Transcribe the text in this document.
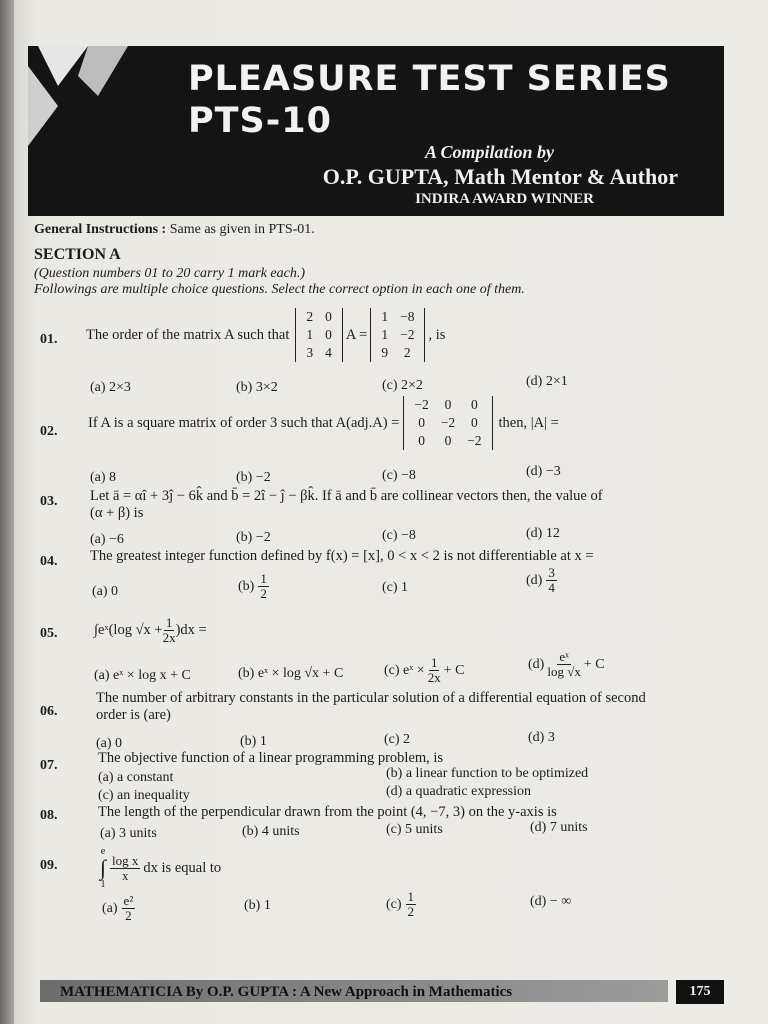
PLEASURE TEST SERIES
PTS-10
A Compilation by
O.P. GUPTA, Math Mentor & Author
INDIRA AWARD WINNER
General Instructions : Same as given in PTS-01.
SECTION A
(Question numbers 01 to 20 carry 1 mark each.)
Followings are multiple choice questions. Select the correct option in each one of them.
01. The order of the matrix A such that
2	0
1	0
3	4
A =
1	−8
1	−2
9	2
, is
(a) 2×3	(b) 3×2	(c) 2×2	(d) 2×1
02.
If A is a square matrix of order 3 such that A(adj.A) =
−2	0	0
0	−2	0
0	0	−2
then, |A| =
(a) 8	(b) −2	(c) −8	(d) −3
03. Let ā = αî + 3ĵ − 6k̂ and b̄ = 2î − ĵ − βk̂. If ā and b̄ are collinear vectors then, the value of
(α + β) is
(a) −6	(b) −2	(c) −8	(d) 12
04. The greatest integer function defined by f(x) = [x], 0 < x < 2 is not differentiable at x =
(a) 0	$(b) \frac{1}{2}$	(c) 1	$(d) \frac{3}{4}$
05.	∫eˣ(log $√x + \frac{1}{2x} )dx$ =
(a) eˣ × log x + C	(b) eˣ × log √x + C	(c) eˣ × $\frac{1}{2x} + C$	$(d) \frac{\text{eˣ}}{\log √x} + C$
06.
The number of arbitrary constants in the particular solution of a differential equation of second
order is (are)
(a) 0	(b) 1	(c) 2	(d) 3
07.	The objective function of a linear programming problem, is
(a) a constant	(b) a linear function to be optimized
(c) an inequality	(d) a quadratic expression
08.	The length of the perpendicular drawn from the point (4, −7, 3) on the y-axis is
(a) 3 units	(b) 4 units	(c) 5 units	(d) 7 units
09.
e
∫
1
$\frac{\text{log x}}{x}$ dx is equal to
$(a) \frac{\text{e²}}{2}$	(b) 1	$(c) \frac{1}{2}$	(d) − ∞
MATHEMATICIA By O.P. GUPTA : A New Approach in Mathematics	175
